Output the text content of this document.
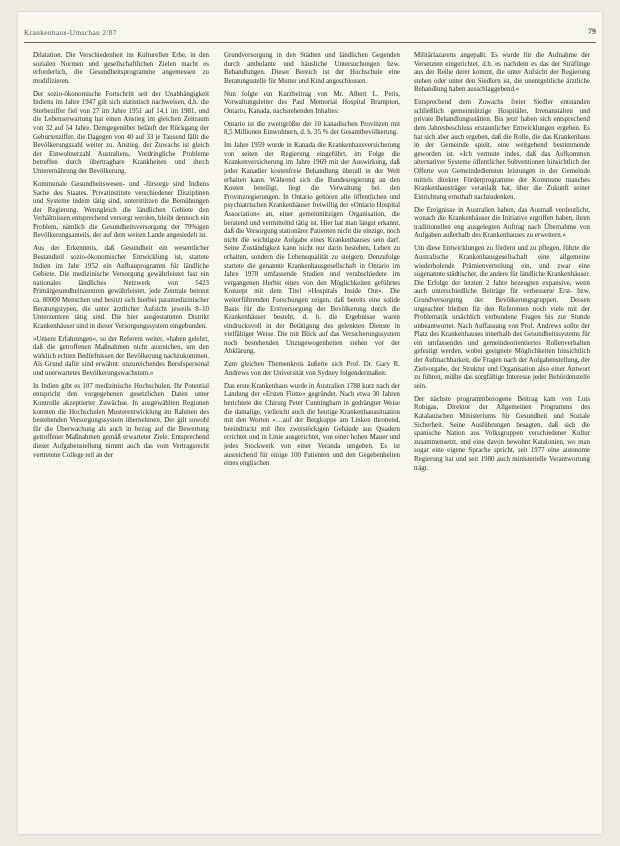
Krankenhaus-Umschau 2/87	79

Dilatation. Die Verschiedenheit im Kulturellen Erbe, in den sozialen Normen und gesellschaftlichen Zielen macht es erforderlich, die Gesundheitsprogramme angemessen zu modifizieren.

Der sozio-ökonomische Fortschritt seit der Unabhängigkeit Indiens im Jahre 1947 gilt sich statistisch nachweisen, d.h. die Sterbeziffer fiel von 27 im Jahre 1951 auf 14,1 im 1981, und die Lebenserwartung hat einen Anstieg im gleichen Zeitraum von 32 auf 54 Jahre. Demgegenüber beläuft der Rückgang der Geburtenziffer, die Dagegen von 40 auf 33 je Tausend fällt die Bevölkerungszahl weiter zu. Anstieg. der Zuwachs ist gleich der Einwohnerzahl Australiens. Vordringliche Probleme betreffen durch übertragbare Krankheiten und durch Unterernährung der Bevölkerung.

Kommunale Gesundheitswesen- und -fürsorge sind Indiens Sache des Staates. Privatinstitute verschiedener Disziplinen und Systeme indem tätig sind, unterstützen die Bemühungen der Regierung. Wenngleich die ländlichen Gebiete den Verhältnissen entsprechend versorgt werden, bleibt dennoch ein Problem, nämlich die Gesundheitsversorgung der 79%igen Bevölkerungsanteils, der auf dem weiten Lande angesiedelt ist.

Aus der Erkenntnis, daß Gesundheit ein wesentlicher Bestandteil sozio-ökonomischer Entwicklung ist, startete Indien im Jahr 1952 ein Aufbauprogramm für ländliche Gebiete. Die medizinische Versorgung gewährleistet fast ein nationales ländliches Netzwerk von 5423 Primärgesundheitszentren gewährleistet, jede Zentrale betreut ca. 80000 Menschen und besitzt sich hierbei paramedizinischer Beratungstypen, die unter ärztlicher Aufsicht jeweils 8–10 Unterzentren tätig sind. Die hier ausgestatteten Distrikt Krankenhäuser sind in dieser Versorgungssystem eingebunden.

»Unsere Erfahrungen«, so der Referent weiter, »haben gelehrt, daß die getroffenen Maßnahmen nicht ausreichen, um den wirklich echten Bedürfnissen der Bevölkerung nachzukommen. Als Grund dafür sind erwähnt: unzureichendes Berufspersonal und unerwartetes Bevölkerungswachstum.«

In Indien gibt es 107 medizinische Hochschulen. Ihr Potential entspricht den vorgegebenen gesetzlichen Daten unter Kontrolle akzeptierter Zuwächse. In ausgewählten Regionen konnten die Hochschulen Musterentwicklung im Rahmen des bestehenden Versorgungssystem übernehmen. Der gilt sowohl für die Überwachung als auch in bezug auf die Bewertung getroffener Maßnahmen gemäß erwarteter Ziele. Entsprechend dieser Aufgabenstellung nimmt auch das vom Vertragsrecht vertretene College teil an der

Grundversorgung in den Städten und ländlichen Gegenden durch ambulante und häusliche Untersuchungen bzw. Behandlungen. Dieser Bereich ist der Hochschule eine Beratungsstelle für Mutter und Kind angeschlossen.

Nun folgte ein Kurzbeitrag von Mr. Albert L. Peris, Vorwaltungsleiter des Paul Memorial Hospital Brampton, Ontario, Kanada, nachstehenden Inhaltes:

Ontario ist die zweitgrößte der 10 kanadischen Provinzen mit 8,5 Millionen Einwohnern, d. h. 35 % der Gesamtbevölkerung.

Im Jahre 1959 wurde in Kanada die Krankenhausversicherung von seiten der Regierung eingeführt, im Folge die Krankenversicherung im Jahre 1969 mit der Auswirkung, daß jeder Kanadier kostenfreie Behandlung überall in der Welt erhalten kann. Während sich die Bundesregierung an den Kosten beteiligt, liegt die Verwaltung bei den Provinzregierungen. In Ontario gehören alle öffentlichen und psychiatrischen Krankenhäuser freiwillig der »Ontario Hospital Association« an, einer gemeinnützigen Organisation, die beratend und vermittelnd tätig ist. Hier hat man längst erkannt, daß die Versorgung stationärer Patienten nicht die einzige, noch nicht die wichtigste Aufgabe eines Krankenhauses sein darf. Seine Zuständigkeit kann nicht nur darin bestehen, Leben zu erhalten, sondern die Lebensqualität zu steigern. Denzufolge startete die genannte Krankenhausgesellschaft in Ontario im Jahre 1978 umfassende Studien und verabschiedete im vergangenen Herbst eines von den Möglichkeiten geführtes Konzept mit dem Titel »Hospitals Inside Out«. Die weiterführenden Forschungen zeigen, daß bereits eine solide Basis für die Erstversorgung der Bevölkerung durch die Krankenhäuser besteht, d. h. die Ergebnisse waren eindrucksvoll in der Betätigung des gelenkten Dienste in vielfältiger Weise. Die mit Blick auf das Versicherungssystem noch bestehenden Unzugewogenheiten stehen vor der Abklärung.

Zum gleichen Themenkreis äußerte sich Prof. Dr. Gary R. Andrews von der Universität von Sydney folgendermaßen:

Das erste Krankenhaus wurde in Australien 1788 kurz nach der Landung der »Ersten Flotte« gegründet. Nach etwa 30 Jahren berichtete der Chirurg Peter Cunningham in gedrängter Weise die damalige, vielleicht auch die heutige Krankenhaussituation mit den Worten »…auf der Bergkuppe am Linken thronend, beeindruckt mit ihre zweistöckigen Gebäude aus Quadern errichtet und in Linie ausgerichtet, von einer hohen Mauer und jedes Stockwerk von einer Veranda umgeben. Es ist ausreichend für einige 100 Patienten und den Gegebenheiten eines englischen

Militärlazaretts angepaßt. Es wurde für die Aufnahme der Versetzten eingerichtet, d.h. es nachdem es das der Sträflinge aus der Reihe derer kommt, die unter Aufsicht der Regierung stehen oder unter den Siedlern ist, die unentgeltliche ärztliche Behandlung haben ausschlaggebend.«

Entsprechend dem Zuwachs freier Siedler entstanden schließlich gemeinnützige Hospitäler, Irrenanstalten und private Behandlungsstätten. Bis jetzt haben sich entsprechend dem Jahresbeschluss erstaunlicher Entwicklungen ergeben. Es hat sich aber auch ergeben, daß die Rolle, die das Krankenhaus in der Gemeinde spielt, eine weitgehend bestimmende geworden ist. »Ich vermute indes, daß das Aufkommen alternativer Systeme öffentlicher Subventionen hinsichtlich der Offerte von Gemeindediensten leistungen in der Gemeinde mittels direkter Förderprogramme der Kommune manches Krankenhausträger veranlaßt hat, über die Zukunft seiner Einrichtung ernsthaft nachzudenken.

Die Ereignisse in Australien haben, das Ausmaß verdeutlicht, wonach die Krankenhäuser die Initiative ergriffen haben, ihren traditionellen eng ausgelegten Auftrag nach Übernahme von Aufgaben außerhalb des Krankenhauses zu erweitern.«

Um diese Entwicklungen zu fördern und zu pflegen, führte die Australische Krankenhausgesellschaft eine allgemeine wiederholende Prämienverteilung ein, und zwar eine sogenannte städtischer, die andere für ländliche Krankenhäuser. Die Erfolge der letzten 2 Jahre bezeugten expansive, wenn auch unterschiedliche Beiträge für verbesserte Erst- bzw. Grundversorgung der Bevölkerungsgruppen. Dessen ungeachtet bleiben für den Referenten noch viele mit der Problematik ursächlich verbundene Fragen bis zur Stunde unbeantwortet. Nach Auffassung von Prof. Andrews sollte der Platz des Krankenhauses innerhalb des Gesundheitssystems für ein umfassendes und gemeindeorientiertes Rollenverhalten gefestigt werden, wobei geeignete Möglichkeiten hinsichtlich der Aufmachbarkeit, die Fragen nach der Aufgabenstellung, der Zielvorgabe, der Struktur und Organisation also einer Antwort zu führen, müßte das sorgfältige Interesse jeder Behördenstelle sein.

Der nächste programmbezogene Beitrag kam von Luis Robigas, Direktor der Allgemeinen Programms des Katalanischen Ministeriums für Gesundheit und Soziale Sicherheit. Seine Ausführungen besagten, daß sich die spanische Nation aus Volksgruppen verschiedener Kultur zusammensetzt, und eine davon bewohnt Katalonien, wo man sogar eine eigene Sprache spricht, seit 1977 eine autonome Regierung hat und seit 1980 auch ministerielle Verantwortung trägt.
